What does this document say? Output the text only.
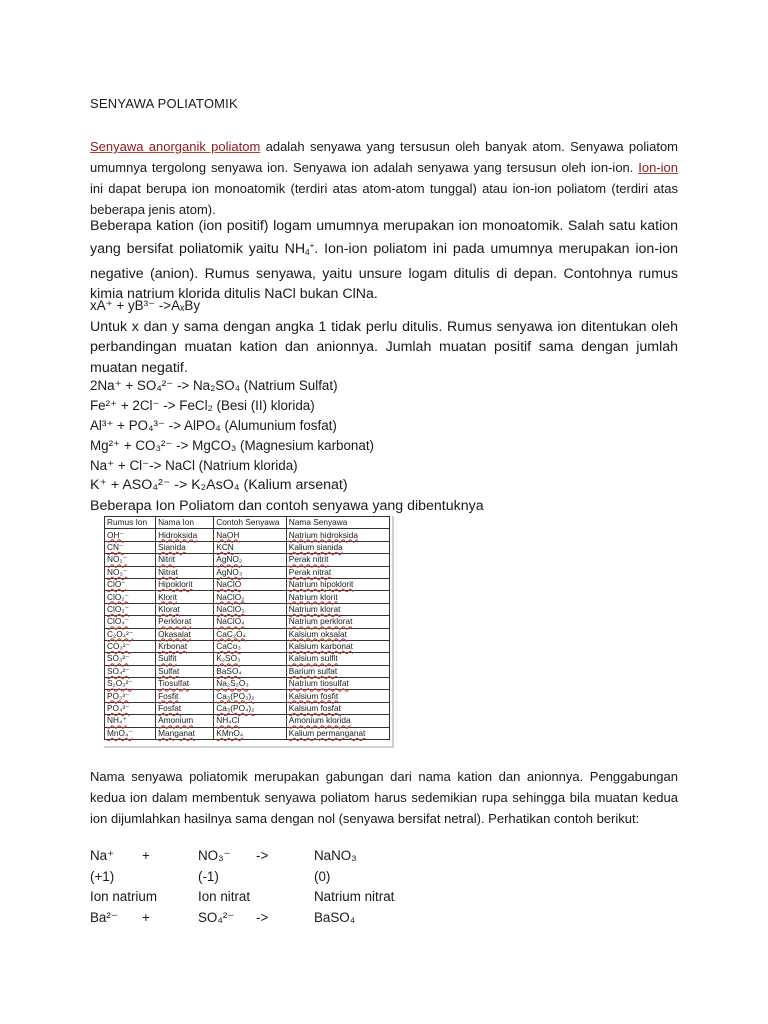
SENYAWA POLIATOMIK
Senyawa anorganik poliatom adalah senyawa yang tersusun oleh banyak atom. Senyawa poliatom umumnya tergolong senyawa ion. Senyawa ion adalah senyawa yang tersusun oleh ion-ion. Ion-ion ini dapat berupa ion monoatomik (terdiri atas atom-atom tunggal) atau ion-ion poliatom (terdiri atas beberapa jenis atom).
Beberapa kation (ion positif) logam umumnya merupakan ion monoatomik. Salah satu kation yang bersifat poliatomik yaitu $NH_4^+$. Ion-ion poliatom ini pada umumnya merupakan ion-ion negative (anion). Rumus senyawa, yaitu unsure logam ditulis di depan. Contohnya rumus kimia natrium klorida ditulis NaCl bukan ClNa.
xA⁺ + yB³⁻ ->AₓBy
Untuk x dan y sama dengan angka 1 tidak perlu ditulis. Rumus senyawa ion ditentukan oleh perbandingan muatan kation dan anionnya. Jumlah muatan positif sama dengan jumlah muatan negatif.
2Na⁺ + SO₄²⁻ -> Na₂SO₄ (Natrium Sulfat)
Fe²⁺ + 2Cl⁻ -> FeCl₂ (Besi (II) klorida)
Al³⁺ + PO₄³⁻ -> AlPO₄ (Alumunium fosfat)
Mg²⁺ + CO₃²⁻ -> MgCO₃ (Magnesium karbonat)
Na⁺ + Cl⁻-> NaCl (Natrium klorida)
K⁺ + ASO₄²⁻ -> K₂AsO₄ (Kalium arsenat)
Beberapa Ion Poliatom dan contoh senyawa yang dibentuknya
Rumus Ion	Nama Ion	Contoh Senyawa	Nama Senyawa
OH⁻	Hidroksida	NaOH	Natrium hidroksida
CN⁻	Sianida	KCN	Kalium sianida
NO₂⁻	Nitrit	AgNO₂	Perak nitrit
NO₃⁻	Nitrat	AgNO₃	Perak nitrat
ClO⁻	Hipoklorit	NaClO	Natrium hipoklorit
ClO₂⁻	Klorit	NaClO₂	Natrium klorit
ClO₃⁻	Klorat	NaClO₃	Natrium klorat
ClO₄⁻	Perklorat	NaClO₄	Natrium perklorat
C₂O₄²⁻	Okasalat	CaC₂O₄	Kalsium oksalat
CO₃²⁻	Krbonat	CaCo₃	Kalsium karbonat
SO₃²⁻	Sulfit	K₂SO₃	Kalsium sulfit
SO₄²⁻	Sulfat	BaSO₄	Barium sulfat
S₂O₃²⁻	Tiosulfat	Na₂S₂O₃	Natrium tiosulfat
PO₃³⁻	Fosfit	Ca₃(PO₃)₂	Kalsium fosfit
PO₄³⁻	Fosfat	Ca₃(PO₄)₂	Kalsium fosfat
NH₄⁺	Amonium	NH₄Cl	Amonium klorida
MnO₄⁻	Manganat	KMnO₄	Kalium permanganat
Nama senyawa poliatomik merupakan gabungan dari nama kation dan anionnya. Penggabungan kedua ion dalam membentuk senyawa poliatom harus sedemikian rupa sehingga bila muatan kedua ion dijumlahkan hasilnya sama dengan nol (senyawa bersifat netral). Perhatikan contoh berikut:
Na⁺ +	NO₃⁻ ->	NaNO₃
(+1)	(-1)	(0)
Ion natrium	Ion nitrat	Natrium nitrat
Ba²⁻ +	SO₄²⁻ ->	BaSO₄
